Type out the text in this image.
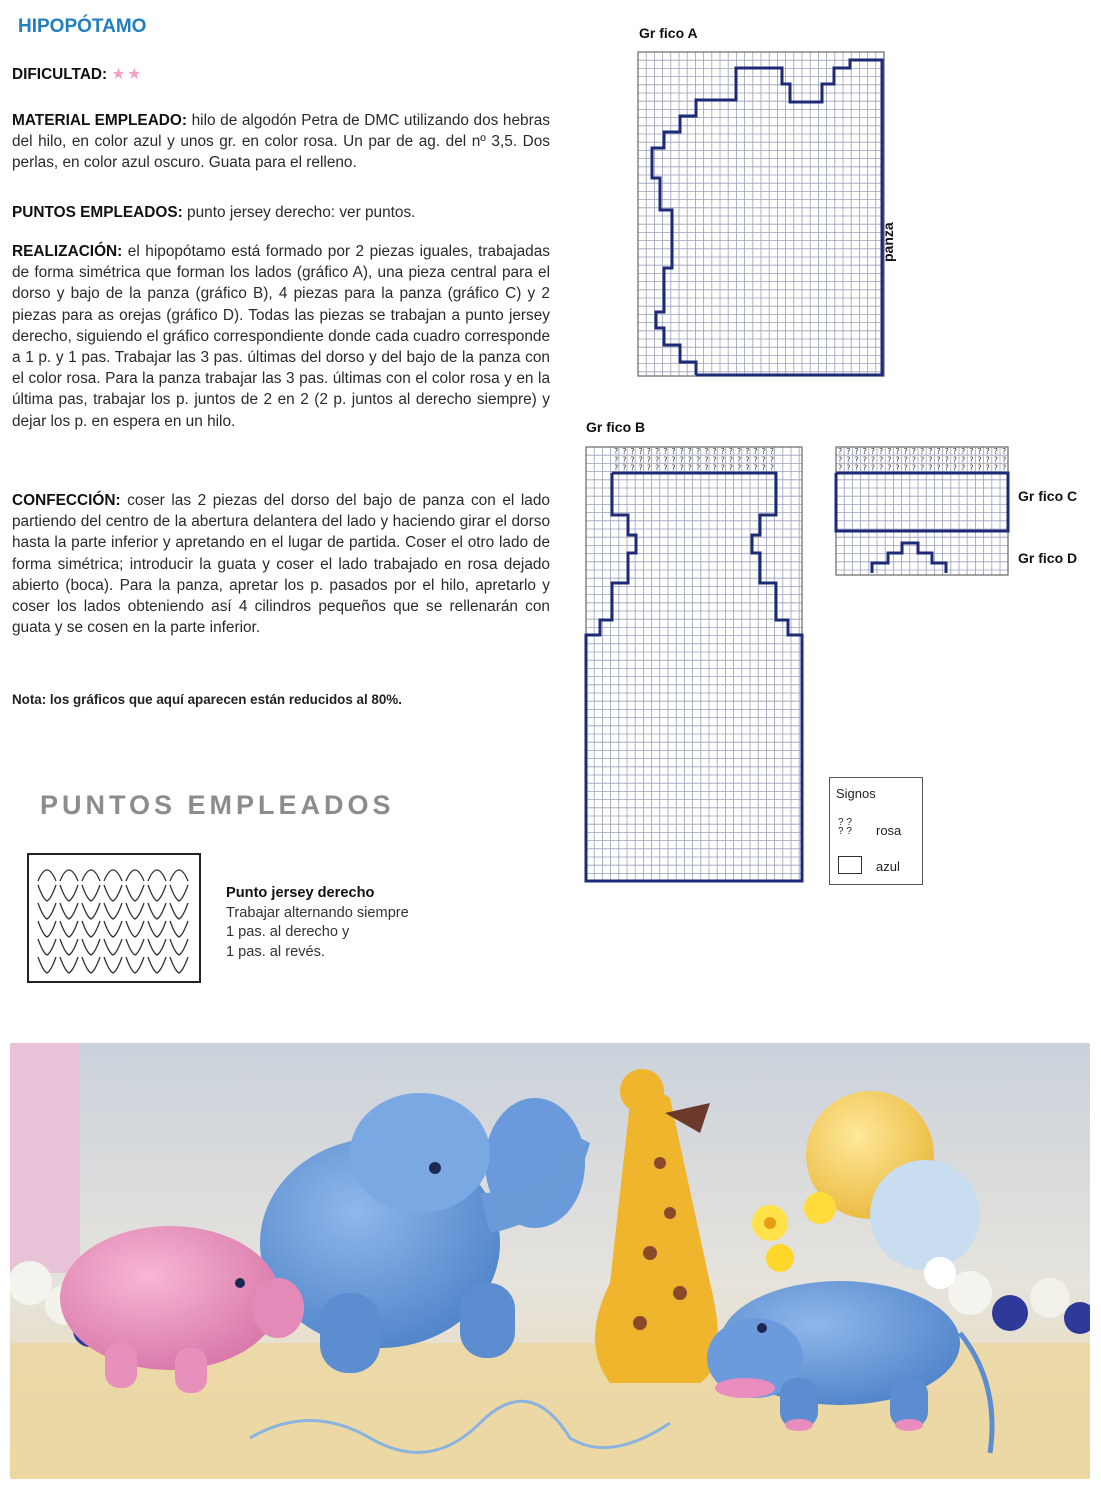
HIPOPÓTAMO
DIFICULTAD: ★★
MATERIAL EMPLEADO: hilo de algodón Petra de DMC utilizando dos hebras del hilo, en color azul y unos gr. en color rosa. Un par de ag. del nº 3,5. Dos perlas, en color azul oscuro. Guata para el relleno.
PUNTOS EMPLEADOS: punto jersey derecho: ver puntos.
REALIZACIÓN: el hipopótamo está formado por 2 piezas iguales, trabajadas de forma simétrica que forman los lados (gráfico A), una pieza central para el dorso y bajo de la panza (gráfico B), 4 piezas para la panza (gráfico C) y 2 piezas para as orejas (gráfico D). Todas las piezas se trabajan a punto jersey derecho, siguiendo el gráfico correspondiente donde cada cuadro corresponde a 1 p. y 1 pas. Trabajar las 3 pas. últimas del dorso y del bajo de la panza con el color rosa. Para la panza trabajar las 3 pas. últimas con el color rosa y en la última pas, trabajar los p. juntos de 2 en 2 (2 p. juntos al derecho siempre) y dejar los p. en espera en un hilo.
CONFECCIÓN: coser las 2 piezas del dorso del bajo de panza con el lado partiendo del centro de la abertura delantera del lado y haciendo girar el dorso hasta la parte inferior y apretando en el lugar de partida. Coser el otro lado de forma simétrica; introducir la guata y coser el lado trabajado en rosa dejado abierto (boca). Para la panza, apretar los p. pasados por el hilo, apretarlo y coser los lados obteniendo así 4 cilindros pequeños que se rellenarán con guata y se cosen en la parte inferior.
Nota: los gráficos que aquí aparecen están reducidos al 80%.
PUNTOS EMPLEADOS
Punto jersey derecho
Trabajar alternando siempre
1 pas. al derecho y
1 pas. al revés.
Gr fico A
Gr fico B
Gr fico C
Gr fico D
panza
? ? ? ? ? ? ? ? ? ? ? ? ? ? ? ? ? ? ? ?
? ? ? ? ? ? ? ? ? ? ? ? ? ? ? ? ? ? ? ?
? ? ? ? ? ? ? ? ? ? ? ? ? ? ? ? ? ? ? ?
? ? ? ? ? ? ? ? ? ? ? ? ? ? ? ? ? ? ? ? ?
? ? ? ? ? ? ? ? ? ? ? ? ? ? ? ? ? ? ? ? ?
? ? ? ? ? ? ? ? ? ? ? ? ? ? ? ? ? ? ? ? ?
Signos
? ?
? ? rosa
azul
